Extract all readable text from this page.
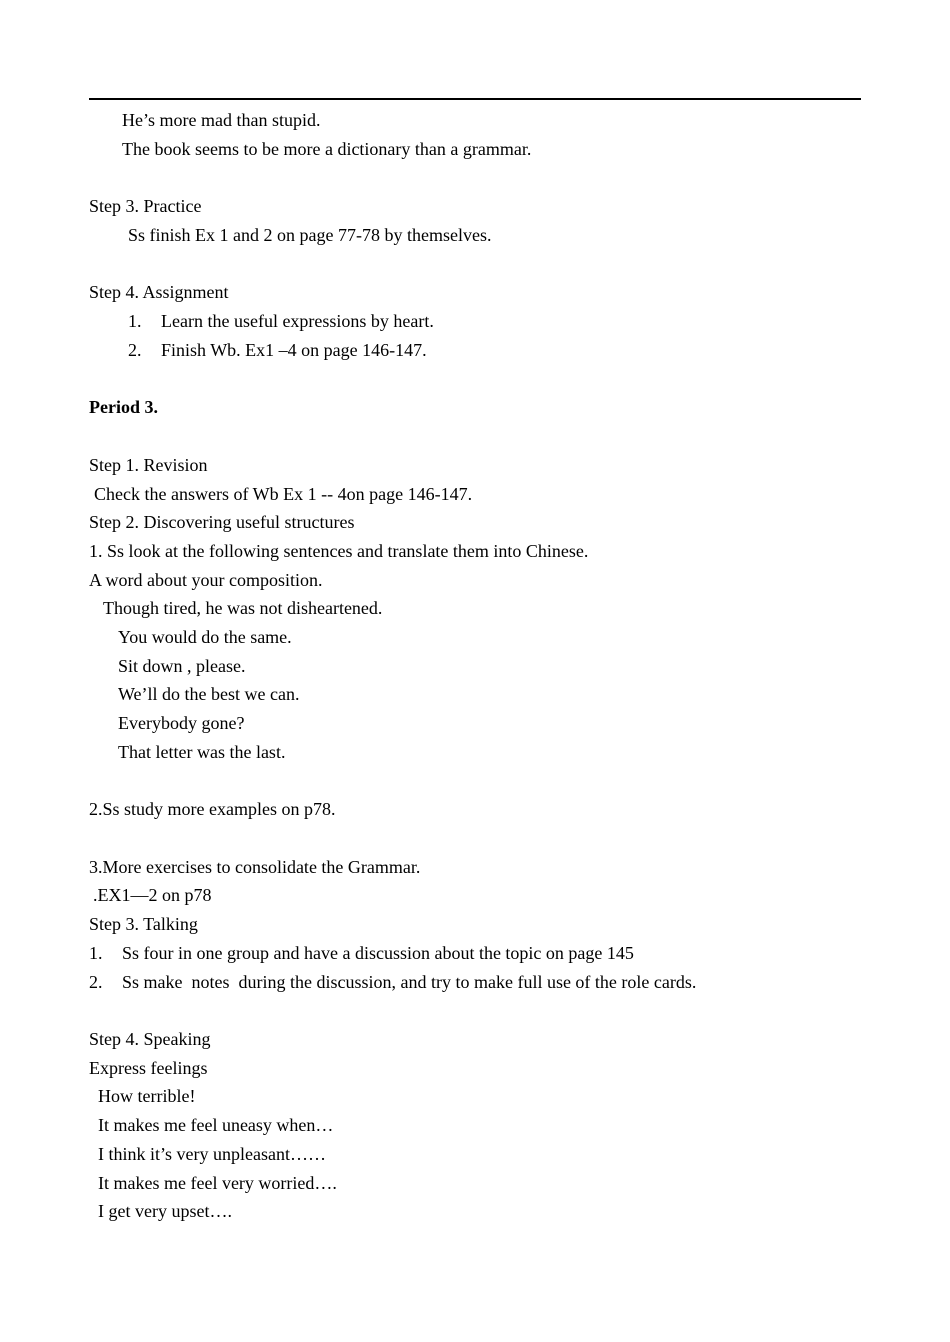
He’s more mad than stupid.
The book seems to be more a dictionary than a grammar.
Step 3. Practice
Ss finish Ex 1 and 2 on page 77-78 by themselves.
Step 4. Assignment
1. Learn the useful expressions by heart.
2. Finish Wb. Ex1 –4 on page 146-147.
Period 3.
Step 1. Revision
Check the answers of Wb Ex 1 -- 4on page 146-147.
Step 2. Discovering useful structures
1. Ss look at the following sentences and translate them into Chinese.
A word about your composition.
Though tired, he was not disheartened.
You would do the same.
Sit down , please.
We’ll do the best we can.
Everybody gone?
That letter was the last.
2.Ss study more examples on p78.
3.More exercises to consolidate the Grammar.
.EX1—2 on p78
Step 3. Talking
1. Ss four in one group and have a discussion about the topic on page 145
2. Ss make  notes  during the discussion, and try to make full use of the role cards.
Step 4. Speaking
Express feelings
How terrible!
It makes me feel uneasy when…
I think it’s very unpleasant……
It makes me feel very worried….
I get very upset….
